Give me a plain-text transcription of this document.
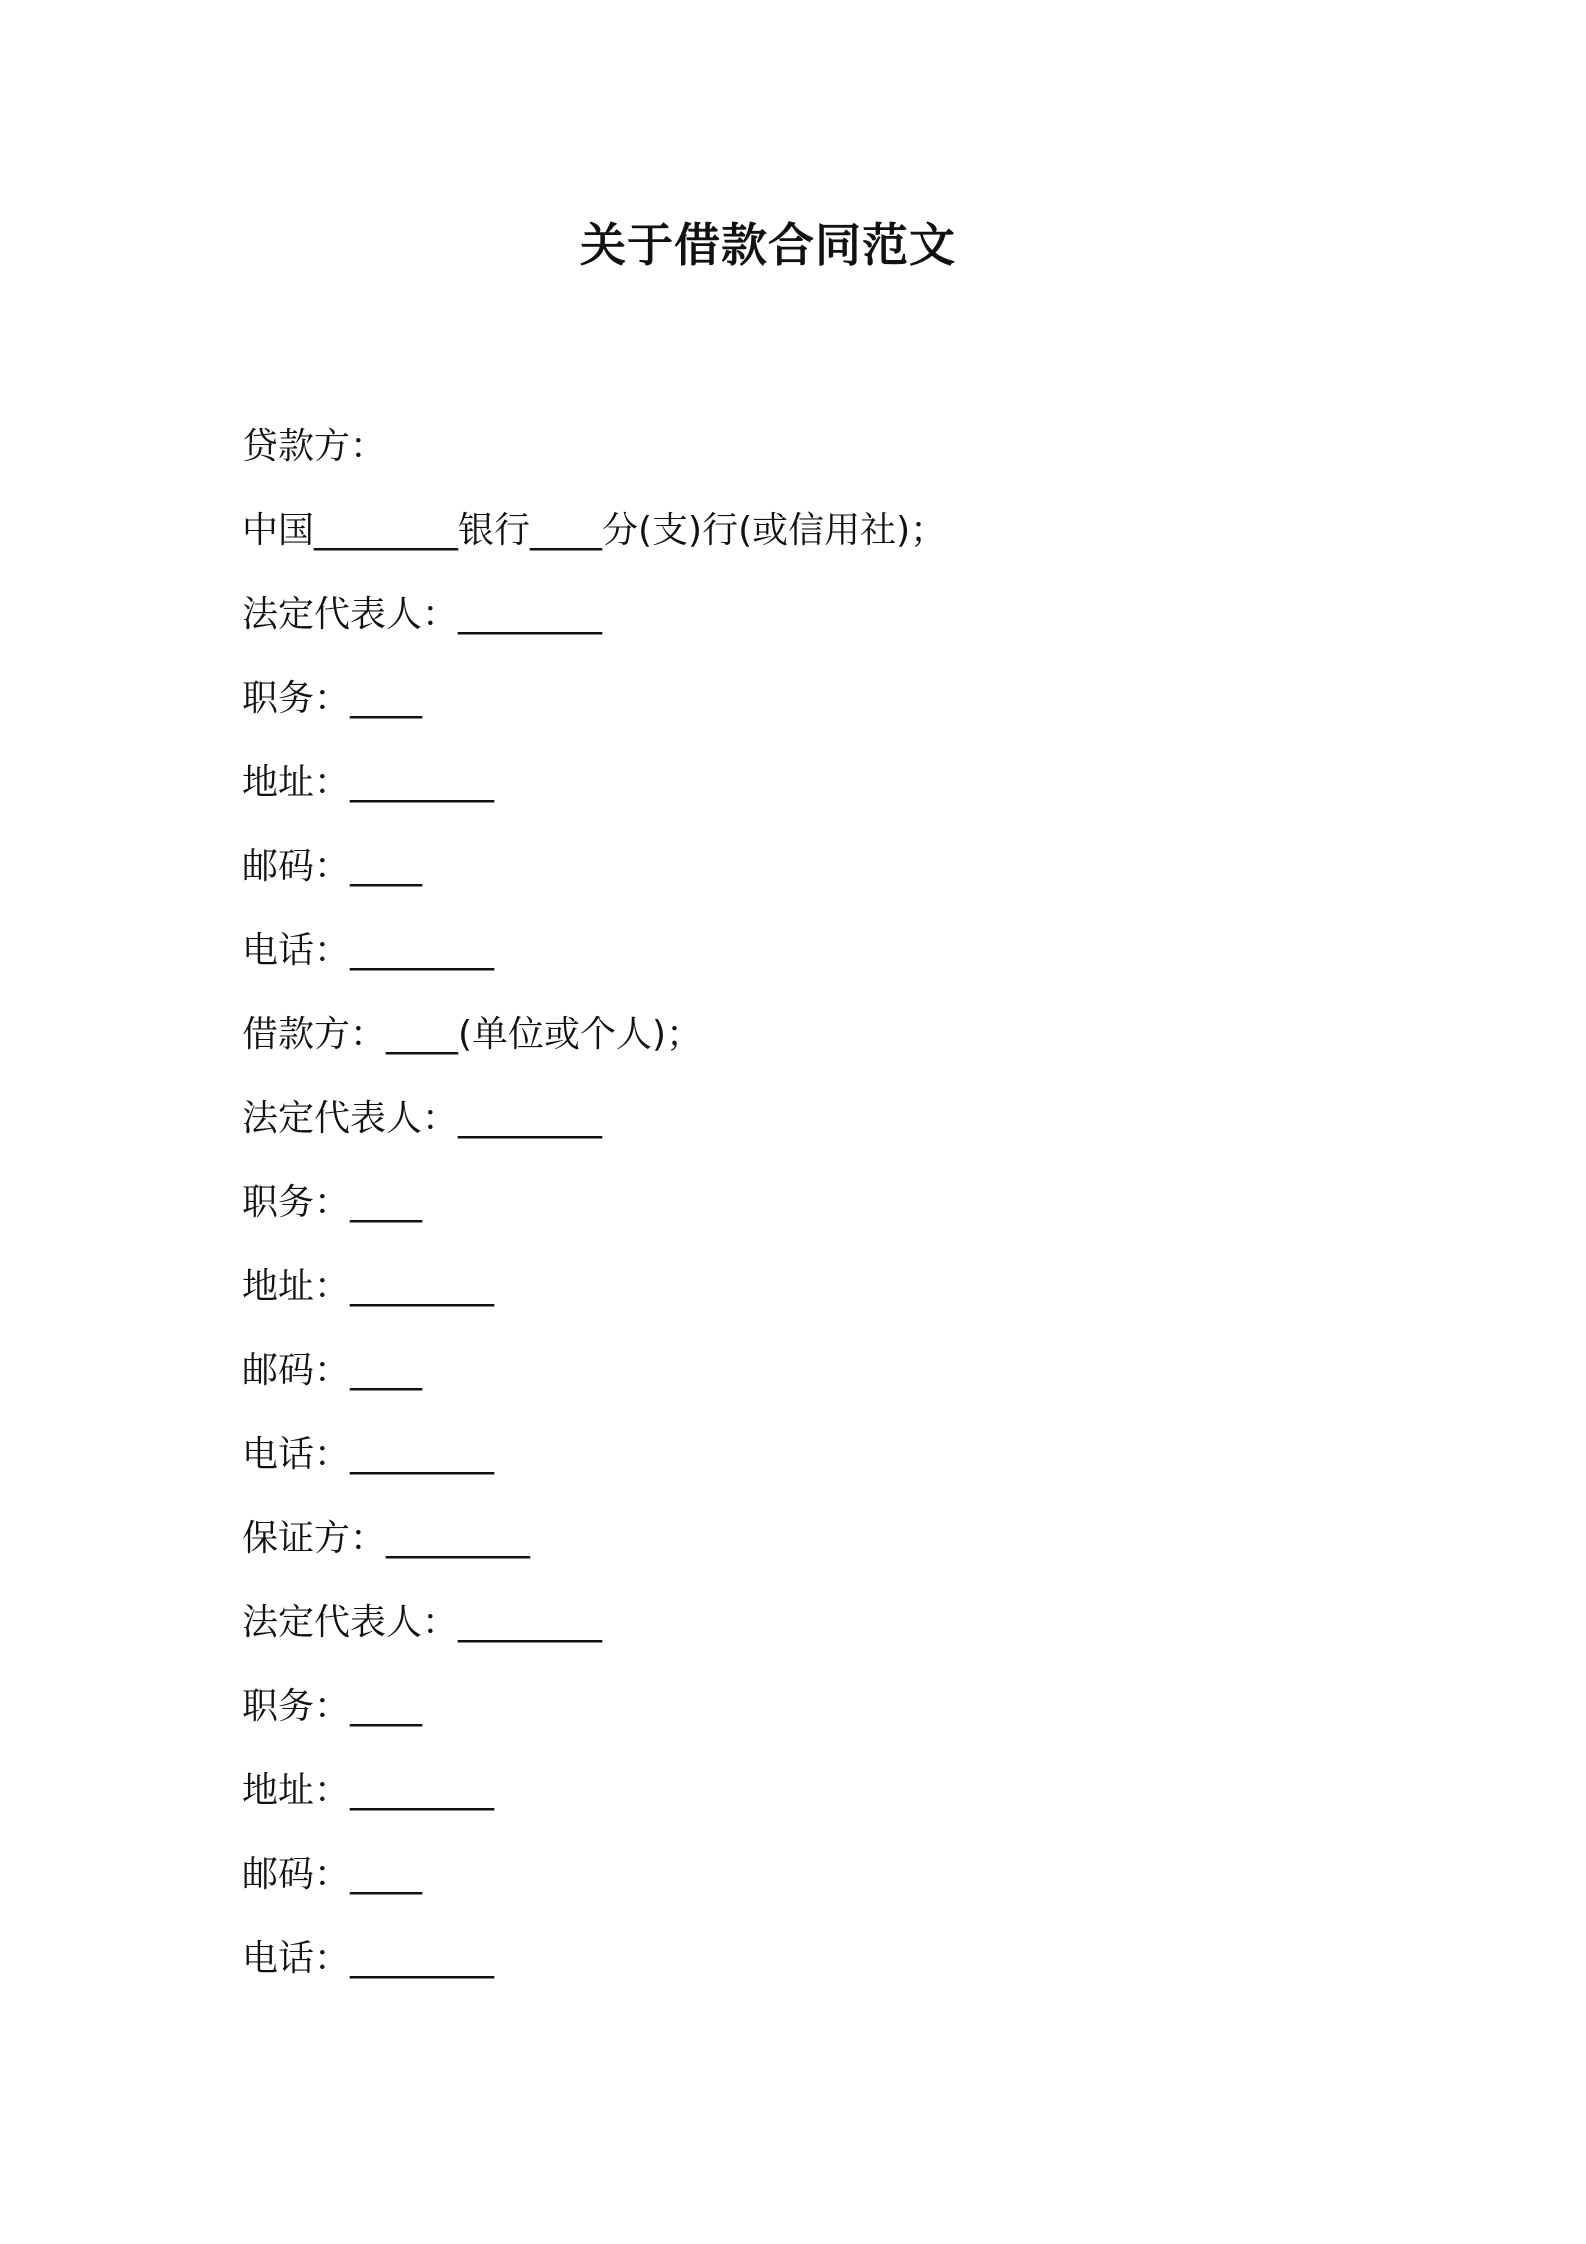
关于借款合同范文
贷款方：
中国________银行____分(支)行(或信用社)；
法定代表人：________
职务：____
地址：________
邮码：____
电话：________
借款方：____(单位或个人)；
法定代表人：________
职务：____
地址：________
邮码：____
电话：________
保证方：________
法定代表人：________
职务：____
地址：________
邮码：____
电话：________
